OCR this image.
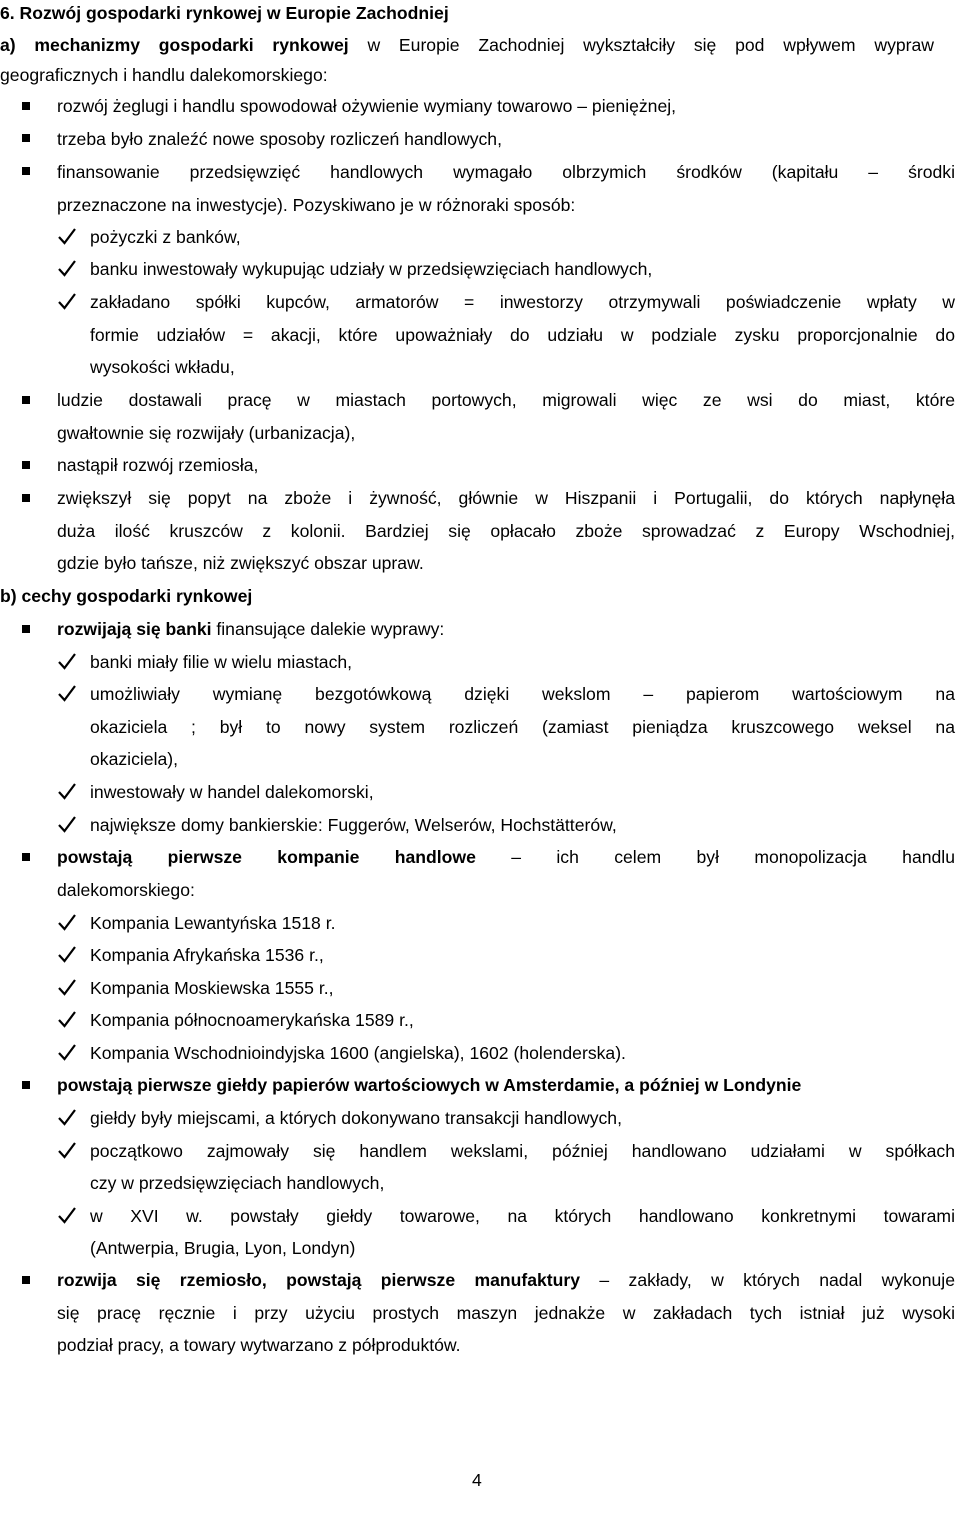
6. Rozwój gospodarki rynkowej w Europie Zachodniej
a) mechanizmy gospodarki rynkowej w Europie Zachodniej wykształciły się pod wpływem wypraw
geograficznych i handlu dalekomorskiego:
rozwój żeglugi i handlu spowodował ożywienie wymiany towarowo – pieniężnej,
trzeba było znaleźć nowe sposoby rozliczeń handlowych,
finansowanie przedsięwzięć handlowych wymagało olbrzymich środków (kapitału – środki
przeznaczone na inwestycje). Pozyskiwano je w różnoraki sposób:
pożyczki z banków,
banku inwestowały wykupując udziały w przedsięwzięciach handlowych,
zakładano spółki kupców, armatorów = inwestorzy otrzymywali poświadczenie wpłaty w
formie udziałów = akacji, które upoważniały do udziału w podziale zysku proporcjonalnie do
wysokości wkładu,
ludzie dostawali pracę w miastach portowych, migrowali więc ze wsi do miast, które
gwałtownie się rozwijały (urbanizacja),
nastąpił rozwój rzemiosła,
zwiększył się popyt na zboże i żywność, głównie w Hiszpanii i Portugalii, do których napłynęła
duża ilość kruszców z kolonii. Bardziej się opłacało zboże sprowadzać z Europy Wschodniej,
gdzie było tańsze, niż zwiększyć obszar upraw.
b) cechy gospodarki rynkowej
rozwijają się banki finansujące dalekie wyprawy:
banki miały filie w wielu miastach,
umożliwiały wymianę bezgotówkową dzięki wekslom – papierom wartościowym na
okaziciela ; był to nowy system rozliczeń (zamiast pieniądza kruszcowego weksel na
okaziciela),
inwestowały w handel dalekomorski,
największe domy bankierskie: Fuggerów, Welserów, Hochstätterów,
powstają pierwsze kompanie handlowe – ich celem był monopolizacja handlu
dalekomorskiego:
Kompania Lewantyńska 1518 r.
Kompania Afrykańska 1536 r.,
Kompania Moskiewska 1555 r.,
Kompania północnoamerykańska 1589 r.,
Kompania Wschodnioindyjska 1600 (angielska), 1602 (holenderska).
powstają pierwsze giełdy papierów wartościowych w Amsterdamie, a później w Londynie
giełdy były miejscami, a których dokonywano transakcji handlowych,
początkowo zajmowały się handlem wekslami, później handlowano udziałami w spółkach
czy w przedsięwzięciach handlowych,
w XVI w. powstały giełdy towarowe, na których handlowano konkretnymi towarami
(Antwerpia, Brugia, Lyon, Londyn)
rozwija się rzemiosło, powstają pierwsze manufaktury – zakłady, w których nadal wykonuje
się pracę ręcznie i przy użyciu prostych maszyn jednakże w zakładach tych istniał już wysoki
podział pracy, a towary wytwarzano z półproduktów.
4
